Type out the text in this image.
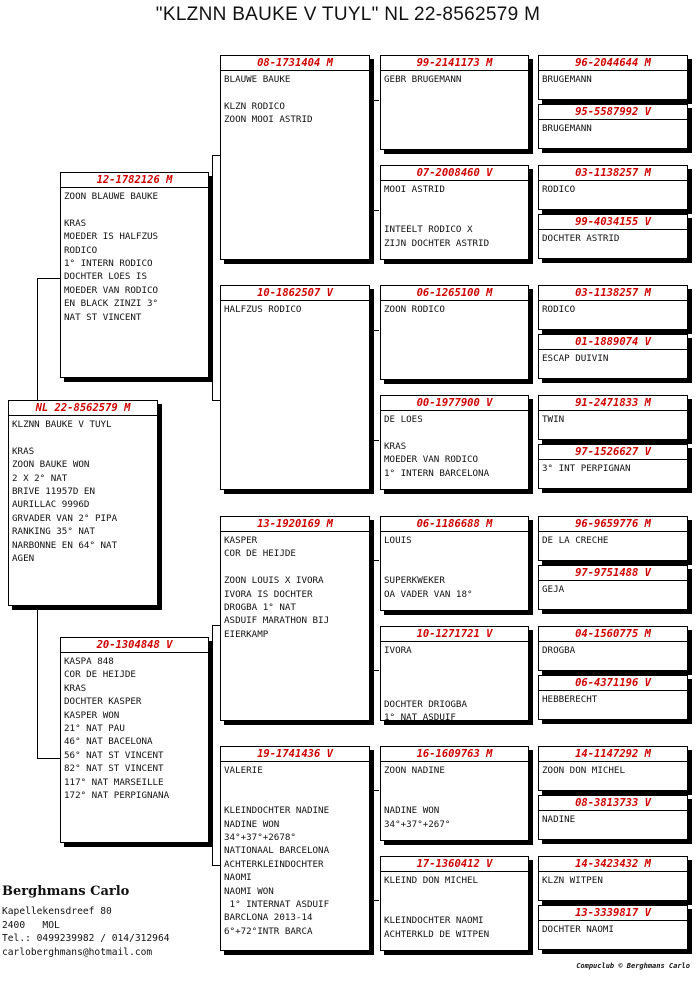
"KLZNN BAUKE V TUYL" NL 22-8562579 M
NL 22-8562579 M
KLZNN BAUKE V TUYL

KRAS
ZOON BAUKE WON
2 X 2° NAT
BRIVE 11957D EN
AURILLAC 9996D
GRVADER VAN 2° PIPA
RANKING 35° NAT
NARBONNE EN 64° NAT
AGEN
12-1782126 M
ZOON BLAUWE BAUKE

KRAS
MOEDER IS HALFZUS
RODICO
1° INTERN RODICO
DOCHTER LOES IS
MOEDER VAN RODICO
EN BLACK ZINZI 3°
NAT ST VINCENT
20-1304848 V
KASPA 848
COR DE HEIJDE
KRAS
DOCHTER KASPER
KASPER WON
21° NAT PAU
46° NAT BACELONA
56° NAT ST VINCENT
82° NAT ST VINCENT
117° NAT MARSEILLE
172° NAT PERPIGNANA
08-1731404 M
BLAUWE BAUKE

KLZN RODICO
ZOON MOOI ASTRID
10-1862507 V
HALFZUS RODICO
13-1920169 M
KASPER
COR DE HEIJDE

ZOON LOUIS X IVORA
IVORA IS DOCHTER
DROGBA 1° NAT
ASDUIF MARATHON BIJ
EIERKAMP
19-1741436 V
VALERIE

KLEINDOCHTER NADINE
NADINE WON
34°+37°+2678°
NATIONAAL BARCELONA
ACHTERKLEINDOCHTER
NAOMI
NAOMI WON
1° INTERNAT ASDUIF
BARCLONA 2013-14
6°+72°INTR BARCA
99-2141173 M
GEBR BRUGEMANN
07-2008460 V
MOOI ASTRID

INTEELT RODICO X
ZIJN DOCHTER ASTRID
06-1265100 M
ZOON RODICO
00-1977900 V
DE LOES

KRAS
MOEDER VAN RODICO
1° INTERN BARCELONA
06-1186688 M
LOUIS

SUPERKWEKER
OA VADER VAN 18°
10-1271721 V
IVORA

DOCHTER DRIOGBA
1° NAT ASDUIF
16-1609763 M
ZOON NADINE

NADINE WON
34°+37°+267°
17-1360412 V
KLEIND DON MICHEL

KLEINDOCHTER NAOMI
ACHTERKLD DE WITPEN
96-2044644 M
BRUGEMANN
95-5587992 V
BRUGEMANN
03-1138257 M
RODICO
99-4034155 V
DOCHTER ASTRID
03-1138257 M
RODICO
01-1889074 V
ESCAP DUIVIN
91-2471833 M
TWIN
97-1526627 V
3° INT PERPIGNAN
96-9659776 M
DE LA CRECHE
97-9751488 V
GEJA
04-1560775 M
DROGBA
06-4371196 V
HEBBERECHT
14-1147292 M
ZOON DON MICHEL
08-3813733 V
NADINE
14-3423432 M
KLZN WITPEN
13-3339817 V
DOCHTER NAOMI
Berghmans Carlo
Kapellekensdreef 80
2400   MOL
Tel.: 0499239982 / 014/312964
carloberghmans@hotmail.com
Compuclub © Berghmans Carlo
